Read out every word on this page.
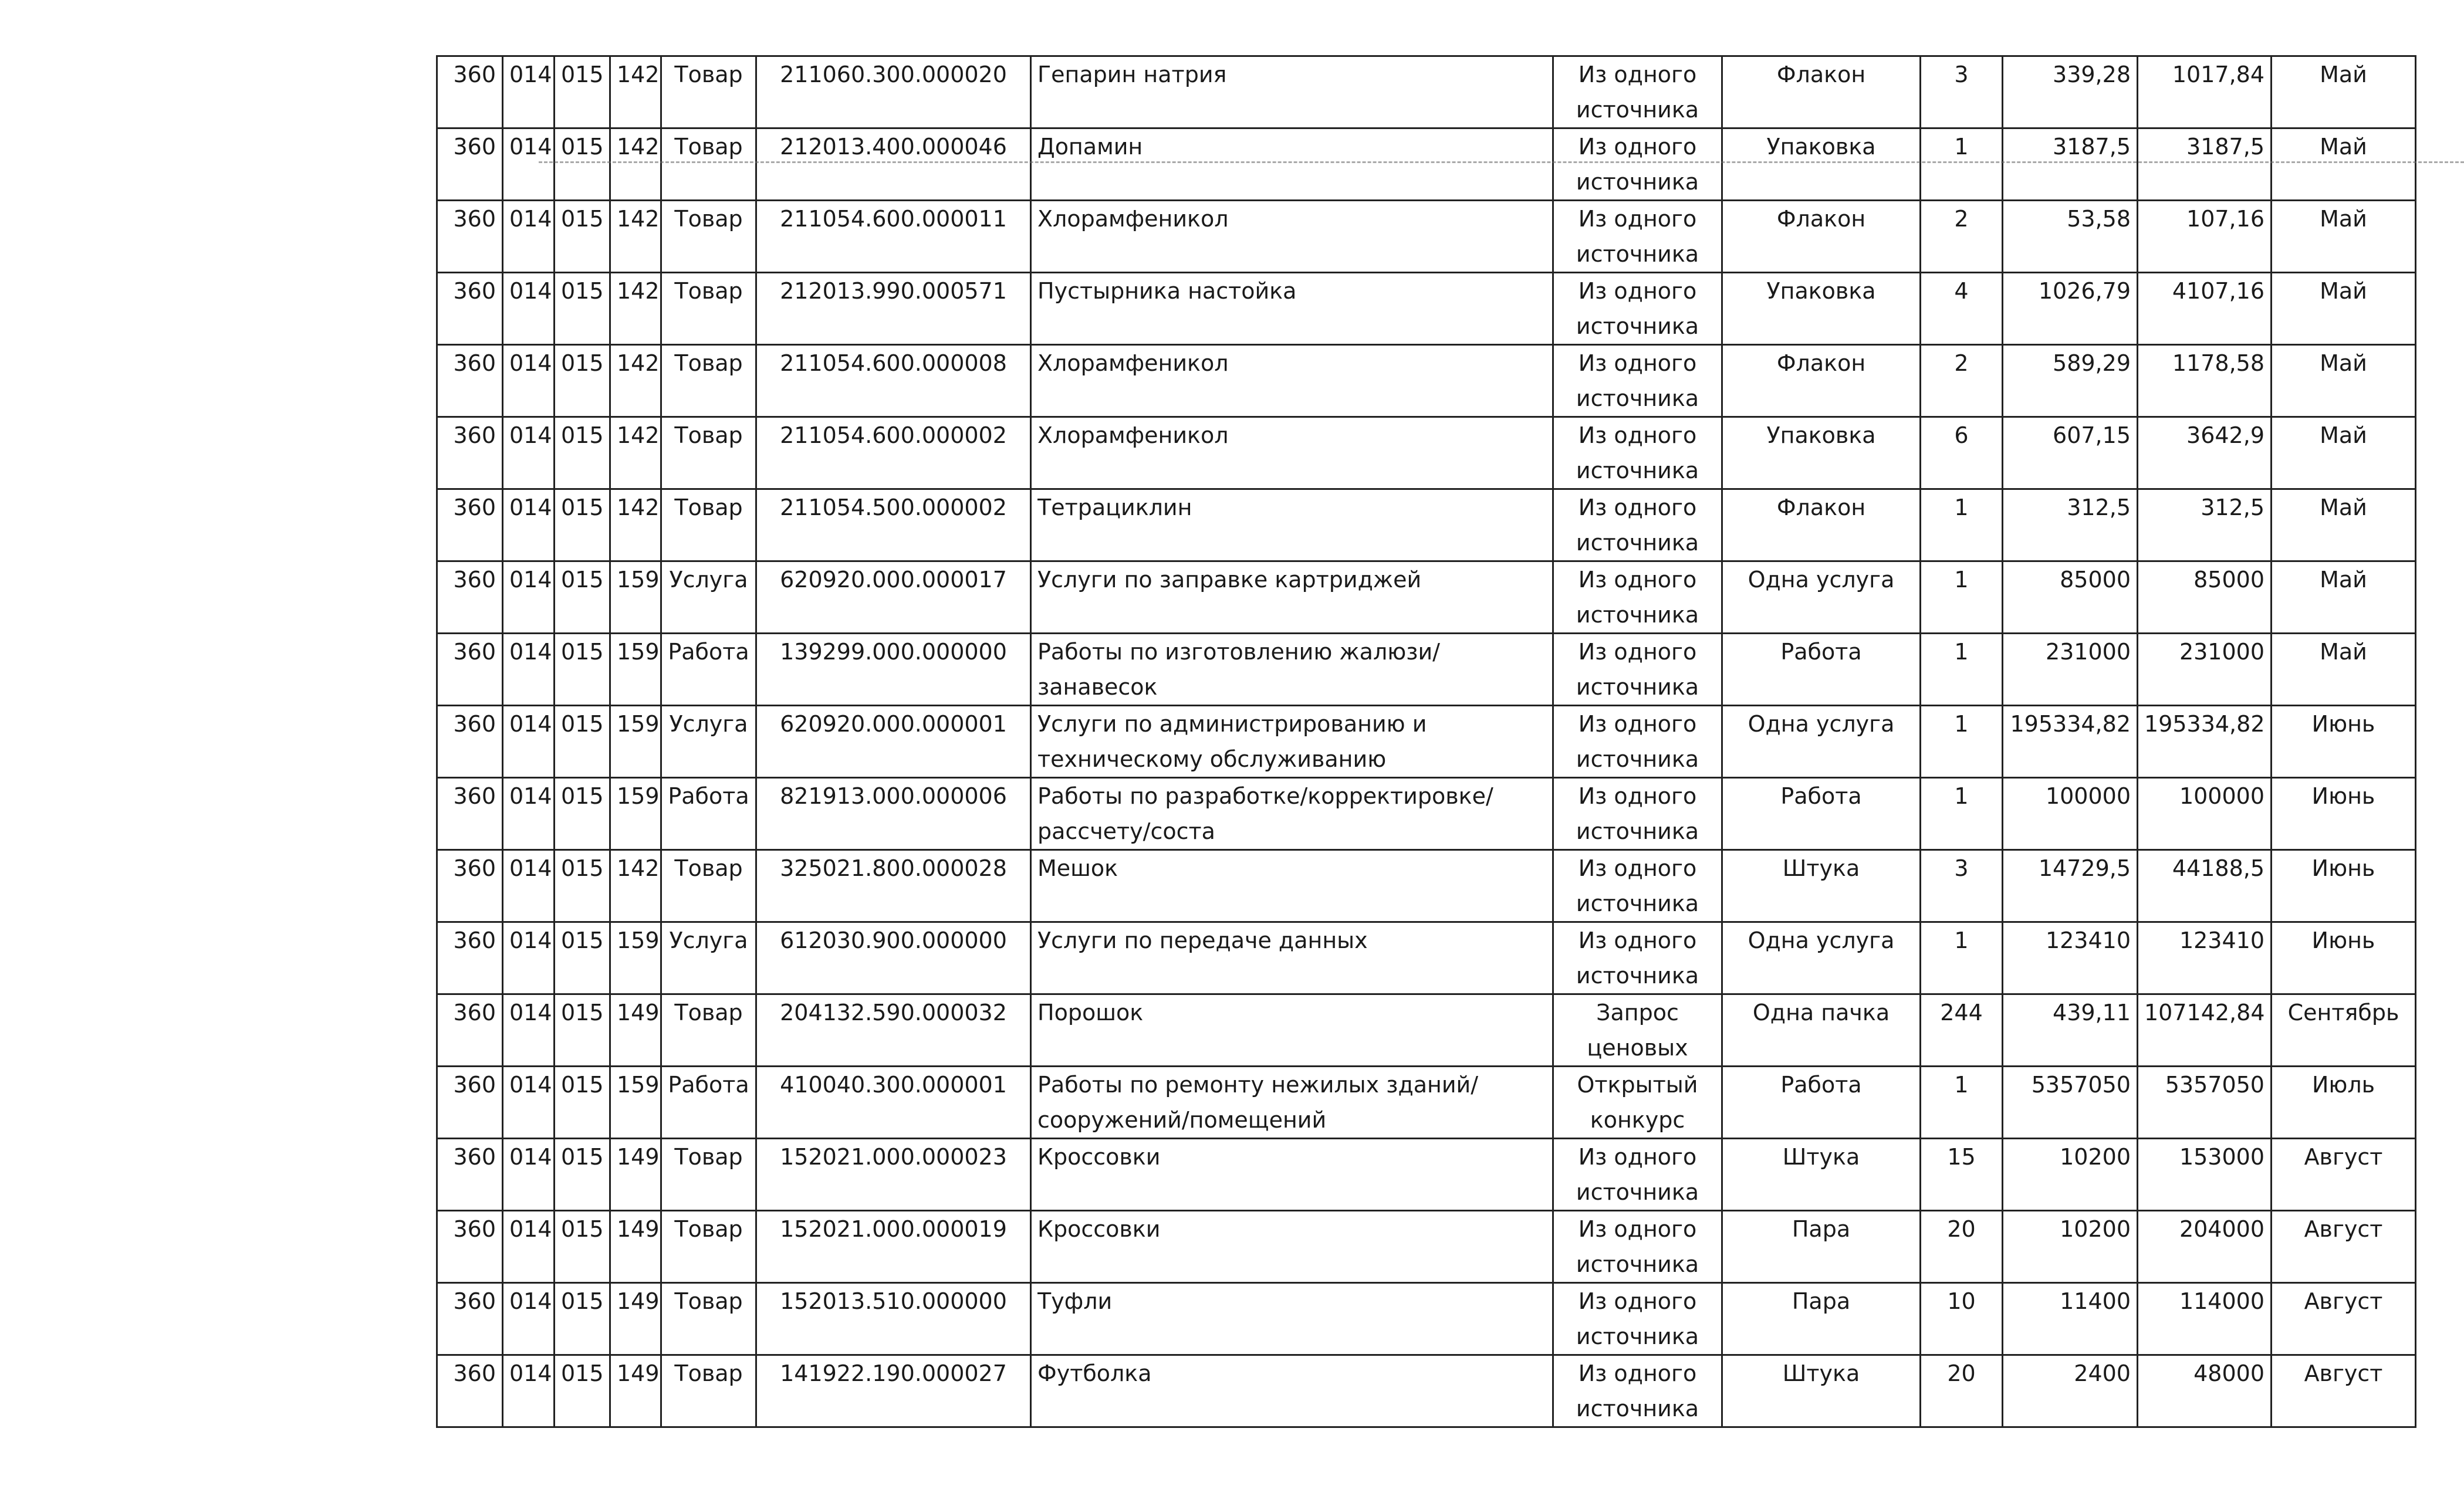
360	014	015	142	Товар	211060.300.000020	Гепарин натрия	Из одного источника	Флакон	3	339,28	1017,84	Май
360	014	015	142	Товар	212013.400.000046	Допамин	Из одного источника	Упаковка	1	3187,5	3187,5	Май
360	014	015	142	Товар	211054.600.000011	Хлорамфеникол	Из одного источника	Флакон	2	53,58	107,16	Май
360	014	015	142	Товар	212013.990.000571	Пустырника настойка	Из одного источника	Упаковка	4	1026,79	4107,16	Май
360	014	015	142	Товар	211054.600.000008	Хлорамфеникол	Из одного источника	Флакон	2	589,29	1178,58	Май
360	014	015	142	Товар	211054.600.000002	Хлорамфеникол	Из одного источника	Упаковка	6	607,15	3642,9	Май
360	014	015	142	Товар	211054.500.000002	Тетрациклин	Из одного источника	Флакон	1	312,5	312,5	Май
360	014	015	159	Услуга	620920.000.000017	Услуги по заправке картриджей	Из одного источника	Одна услуга	1	85000	85000	Май
360	014	015	159	Работа	139299.000.000000	Работы по изготовлению жалюзи/занавесок	Из одного источника	Работа	1	231000	231000	Май
360	014	015	159	Услуга	620920.000.000001	Услуги по администрированию и техническому обслуживанию	Из одного источника	Одна услуга	1	195334,82	195334,82	Июнь
360	014	015	159	Работа	821913.000.000006	Работы по разработке/корректировке/рассчету/соста	Из одного источника	Работа	1	100000	100000	Июнь
360	014	015	142	Товар	325021.800.000028	Мешок	Из одного источника	Штука	3	14729,5	44188,5	Июнь
360	014	015	159	Услуга	612030.900.000000	Услуги по передаче данных	Из одного источника	Одна услуга	1	123410	123410	Июнь
360	014	015	149	Товар	204132.590.000032	Порошок	Запрос ценовых	Одна пачка	244	439,11	107142,84	Сентябрь
360	014	015	159	Работа	410040.300.000001	Работы по ремонту нежилых зданий/сооружений/помещений	Открытый конкурс	Работа	1	5357050	5357050	Июль
360	014	015	149	Товар	152021.000.000023	Кроссовки	Из одного источника	Штука	15	10200	153000	Август
360	014	015	149	Товар	152021.000.000019	Кроссовки	Из одного источника	Пара	20	10200	204000	Август
360	014	015	149	Товар	152013.510.000000	Туфли	Из одного источника	Пара	10	11400	114000	Август
360	014	015	149	Товар	141922.190.000027	Футболка	Из одного источника	Штука	20	2400	48000	Август
